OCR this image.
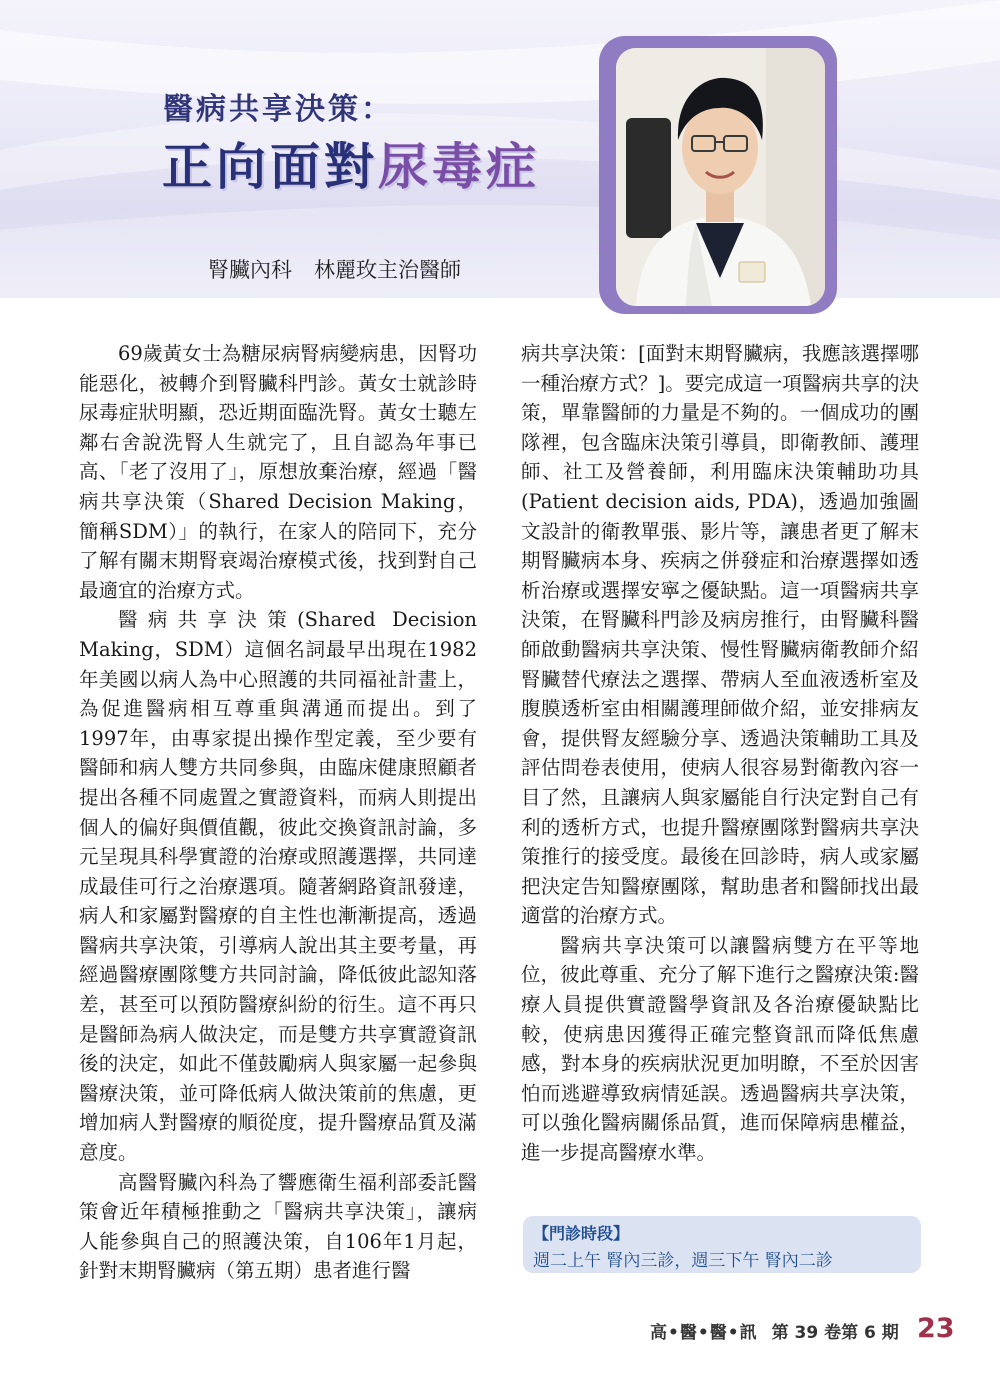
醫病共享決策：
正向面對尿毒症
腎臟內科 林麗玫主治醫師

69歲黃女士為糖尿病腎病變病患，因腎功能惡化，被轉介到腎臟科門診。黃女士就診時尿毒症狀明顯，恐近期面臨洗腎。黃女士聽左鄰右舍說洗腎人生就完了，且自認為年事已高、「老了沒用了」，原想放棄治療，經過「醫病共享決策（Shared Decision Making，簡稱SDM）」的執行，在家人的陪同下，充分了解有關末期腎衰竭治療模式後，找到對自己最適宜的治療方式。

醫病共享決策(Shared Decision Making，SDM）這個名詞最早出現在1982年美國以病人為中心照護的共同福祉計畫上，為促進醫病相互尊重與溝通而提出。到了1997年，由專家提出操作型定義，至少要有醫師和病人雙方共同參與，由臨床健康照顧者提出各種不同處置之實證資料，而病人則提出個人的偏好與價值觀，彼此交換資訊討論，多元呈現具科學實證的治療或照護選擇，共同達成最佳可行之治療選項。隨著網路資訊發達，病人和家屬對醫療的自主性也漸漸提高，透過醫病共享決策，引導病人說出其主要考量，再經過醫療團隊雙方共同討論，降低彼此認知落差，甚至可以預防醫療糾紛的衍生。這不再只是醫師為病人做決定，而是雙方共享實證資訊後的決定，如此不僅鼓勵病人與家屬一起參與醫療決策，並可降低病人做決策前的焦慮，更增加病人對醫療的順從度，提升醫療品質及滿意度。

高醫腎臟內科為了響應衛生福利部委託醫策會近年積極推動之「醫病共享決策」，讓病人能參與自己的照護決策，自106年1月起，針對末期腎臟病（第五期）患者進行醫

病共享決策：[面對末期腎臟病，我應該選擇哪一種治療方式？]。要完成這一項醫病共享的決策，單靠醫師的力量是不夠的。一個成功的團隊裡，包含臨床決策引導員，即衛教師、護理師、社工及營養師，利用臨床決策輔助功具(Patient decision aids, PDA)，透過加強圖文設計的衛教單張、影片等，讓患者更了解末期腎臟病本身、疾病之併發症和治療選擇如透析治療或選擇安寧之優缺點。這一項醫病共享決策，在腎臟科門診及病房推行，由腎臟科醫師啟動醫病共享決策、慢性腎臟病衛教師介紹腎臟替代療法之選擇、帶病人至血液透析室及腹膜透析室由相關護理師做介紹，並安排病友會，提供腎友經驗分享、透過決策輔助工具及評估問卷表使用，使病人很容易對衛教內容一目了然，且讓病人與家屬能自行決定對自己有利的透析方式，也提升醫療團隊對醫病共享決策推行的接受度。最後在回診時，病人或家屬把決定告知醫療團隊，幫助患者和醫師找出最適當的治療方式。

醫病共享決策可以讓醫病雙方在平等地位，彼此尊重、充分了解下進行之醫療決策:醫療人員提供實證醫學資訊及各治療優缺點比較，使病患因獲得正確完整資訊而降低焦慮感，對本身的疾病狀況更加明瞭，不至於因害怕而逃避導致病情延誤。透過醫病共享決策，可以強化醫病關係品質，進而保障病患權益，進一步提高醫療水準。

【門診時段】
週二上午 腎內三診，週三下午 腎內二診
高•醫•醫•訊 第 39 卷第 6 期 23
